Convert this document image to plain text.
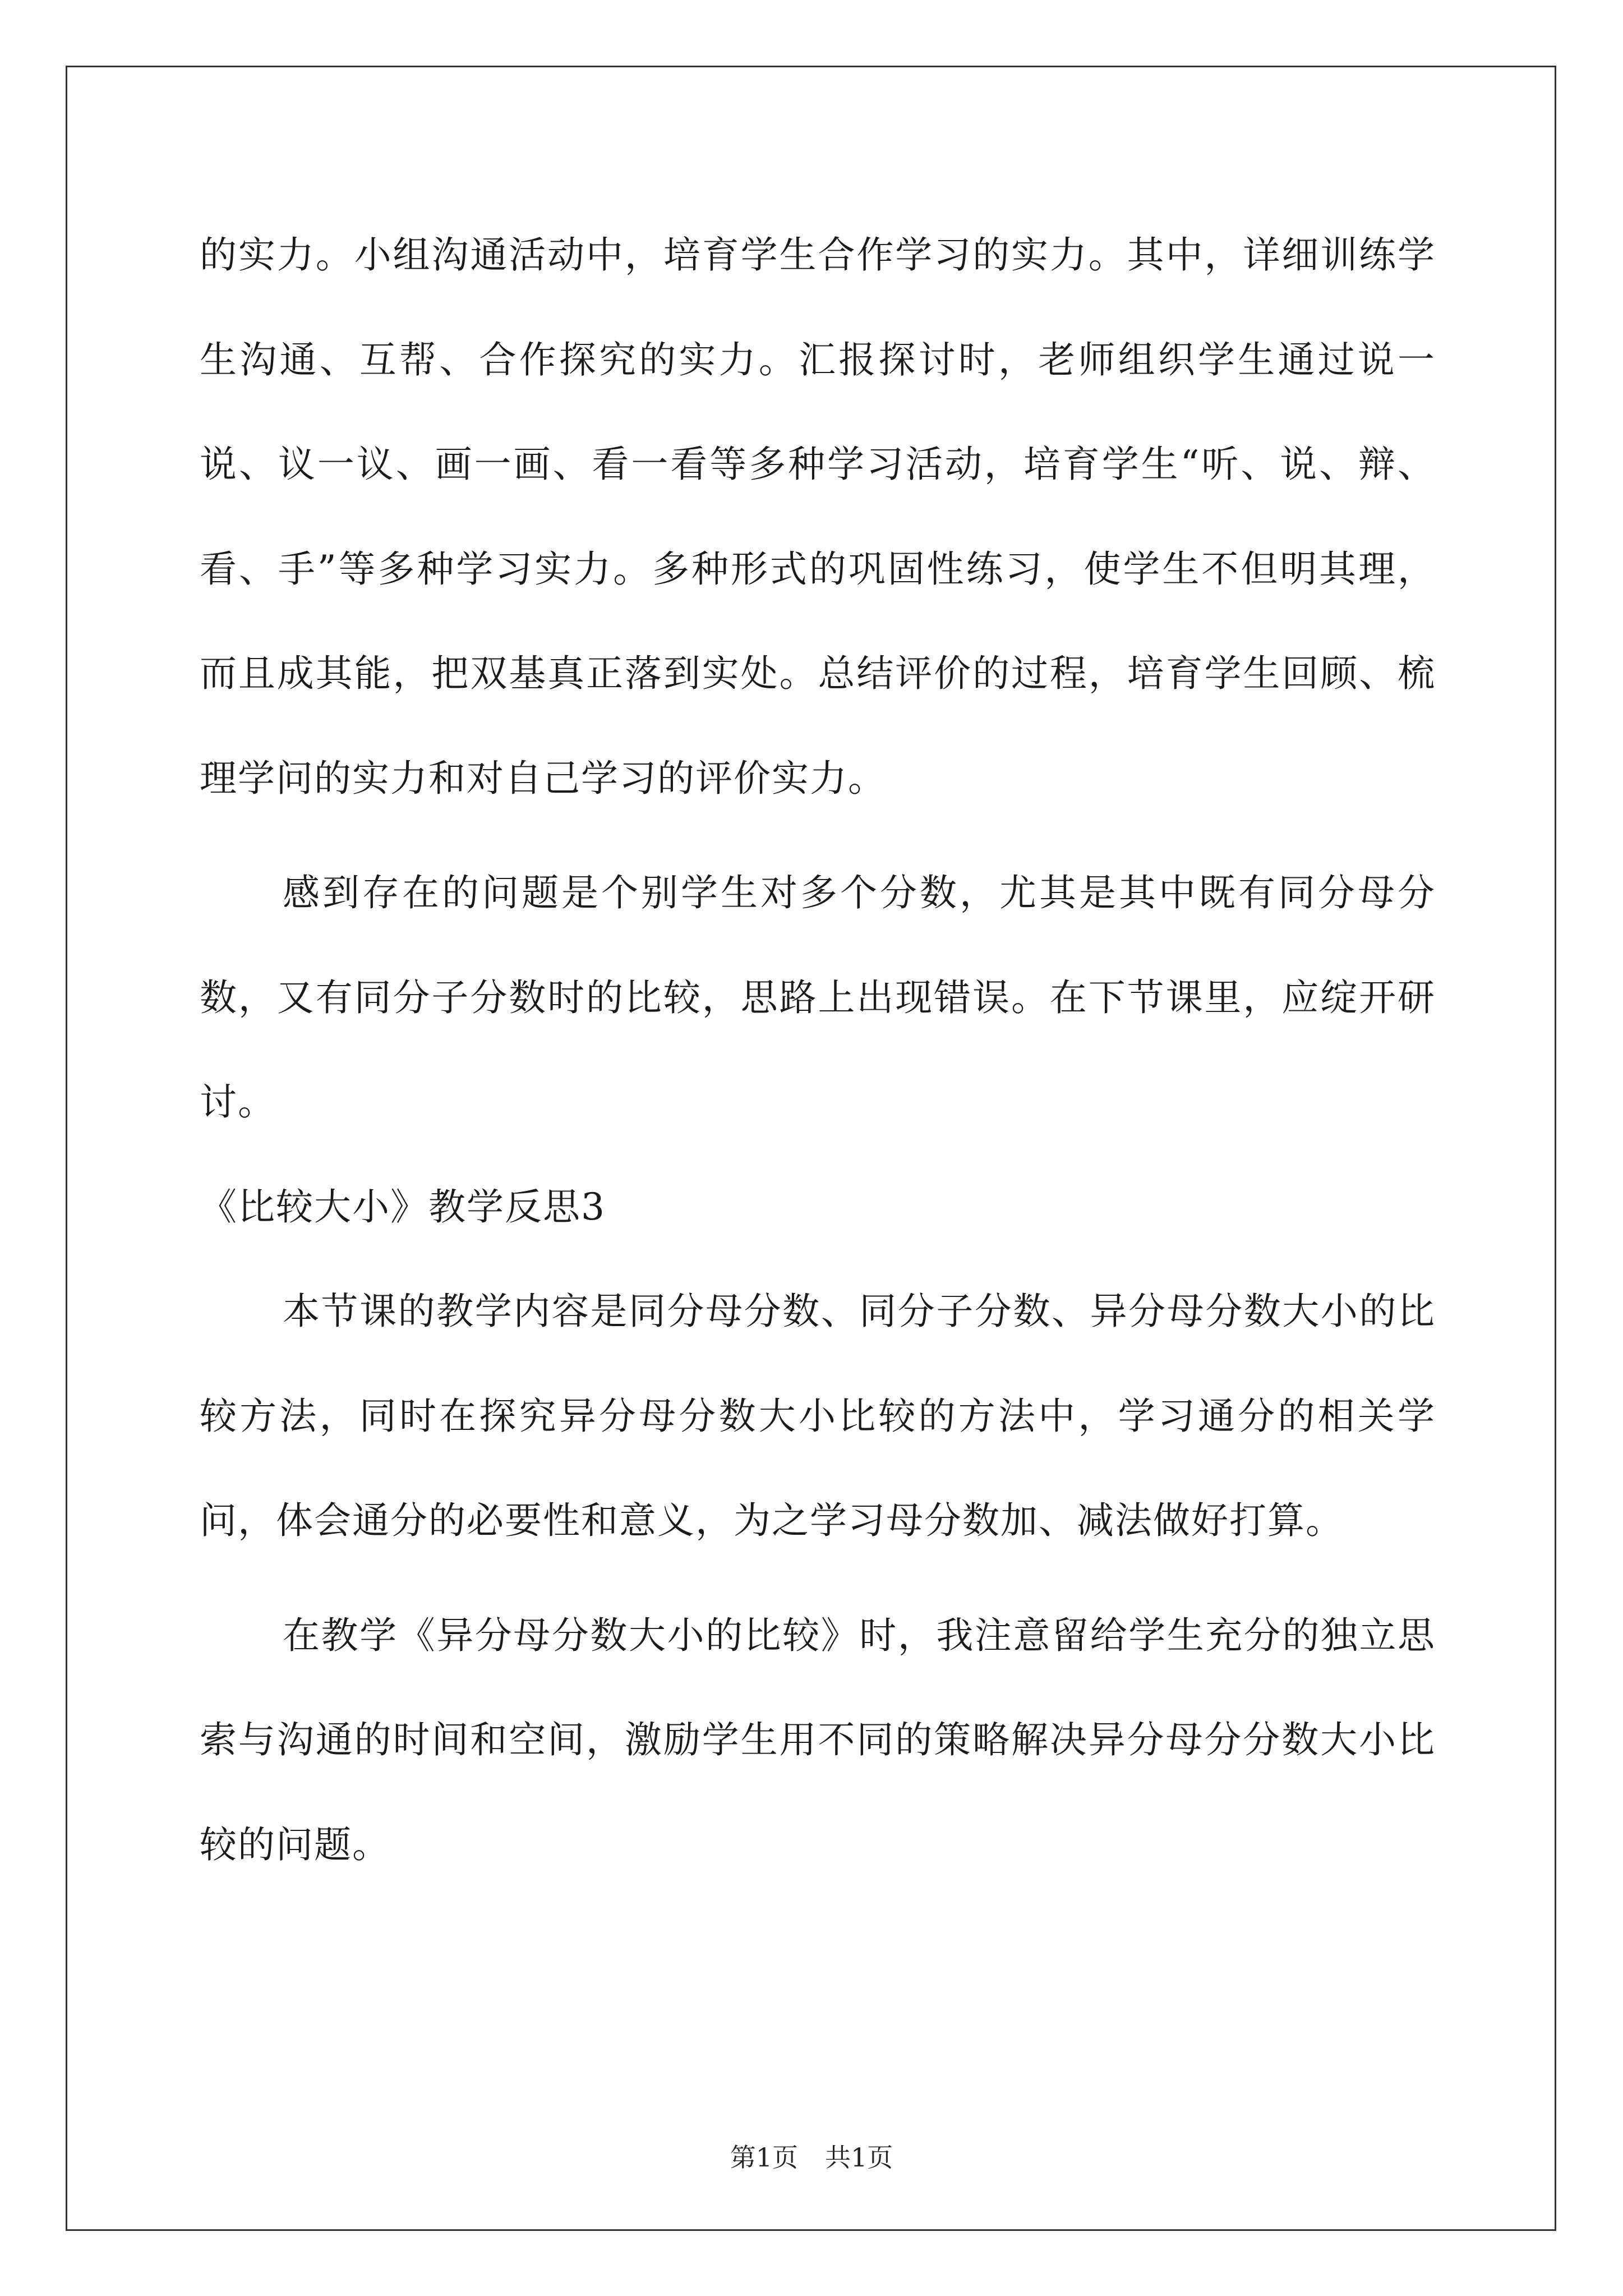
的实力。小组沟通活动中，培育学生合作学习的实力。其中，详细训练学生沟通、互帮、合作探究的实力。汇报探讨时，老师组织学生通过说一说、议一议、画一画、看一看等多种学习活动，培育学生“听、说、辩、看、手”等多种学习实力。多种形式的巩固性练习，使学生不但明其理，而且成其能，把双基真正落到实处。总结评价的过程，培育学生回顾、梳理学问的实力和对自己学习的评价实力。

感到存在的问题是个别学生对多个分数，尤其是其中既有同分母分数，又有同分子分数时的比较，思路上出现错误。在下节课里，应绽开研讨。

《比较大小》教学反思3

本节课的教学内容是同分母分数、同分子分数、异分母分数大小的比较方法，同时在探究异分母分数大小比较的方法中，学习通分的相关学问，体会通分的必要性和意义，为之学习母分数加、减法做好打算。

在教学《异分母分数大小的比较》时，我注意留给学生充分的独立思索与沟通的时间和空间，激励学生用不同的策略解决异分母分分数大小比较的问题。

第1页 共1页
